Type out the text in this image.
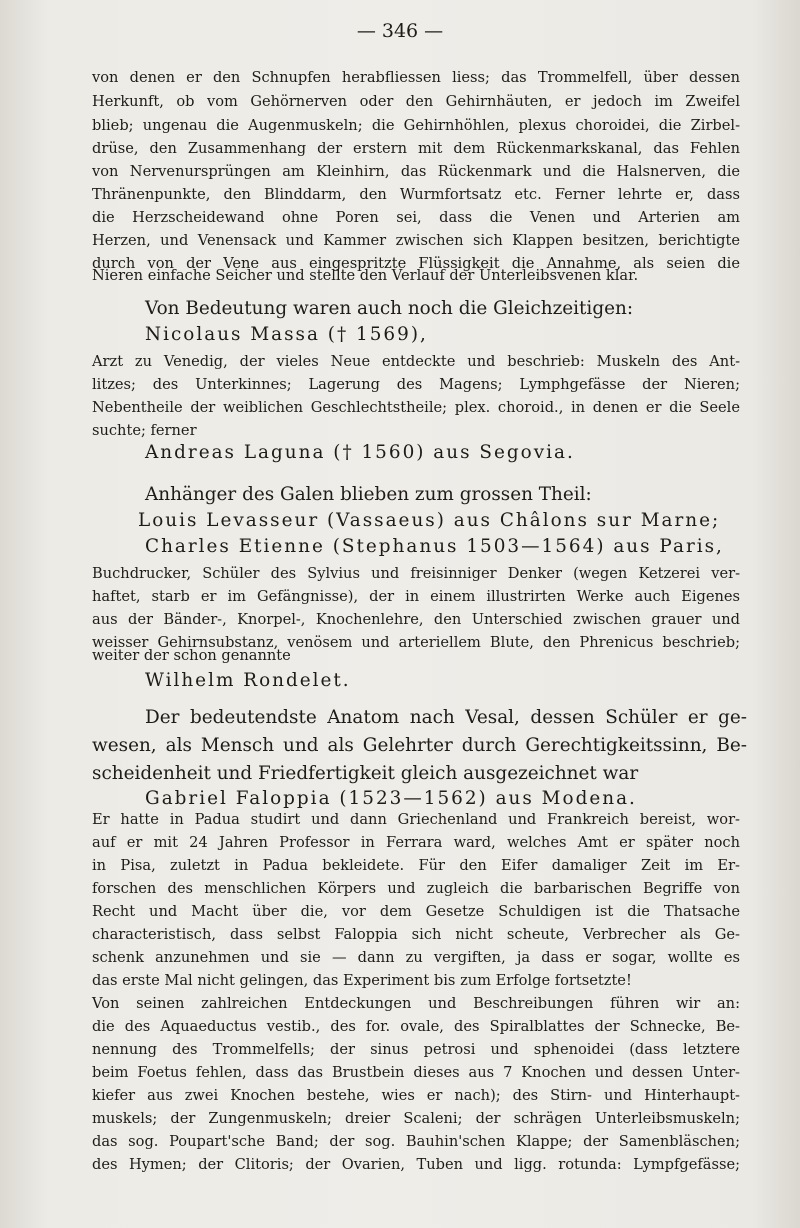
— 346 —
von denen er den Schnupfen herabfliessen liess; das Trommelfell, über dessen
Herkunft, ob vom Gehörnerven oder den Gehirnhäuten, er jedoch im Zweifel
blieb; ungenau die Augenmuskeln; die Gehirnhöhlen, plexus choroidei, die Zirbel-
drüse, den Zusammenhang der erstern mit dem Rückenmarkskanal, das Fehlen
von Nervenursprüngen am Kleinhirn, das Rückenmark und die Halsnerven, die
Thränenpunkte, den Blinddarm, den Wurmfortsatz etc. Ferner lehrte er, dass
die Herzscheidewand ohne Poren sei, dass die Venen und Arterien am
Herzen, und Venensack und Kammer zwischen sich Klappen besitzen, berichtigte
durch von der Vene aus eingespritzte Flüssigkeit die Annahme, als seien die
Nieren einfache Seicher und stellte den Verlauf der Unterleibsvenen klar.
Von Bedeutung waren auch noch die Gleichzeitigen:
Nicolaus Massa († 1569),
Arzt zu Venedig, der vieles Neue entdeckte und beschrieb: Muskeln des Ant-
litzes; des Unterkinnes; Lagerung des Magens; Lymphgefässe der Nieren;
Nebentheile der weiblichen Geschlechtstheile; plex. choroid., in denen er die Seele
suchte; ferner
Andreas Laguna († 1560) aus Segovia.
Anhänger des Galen blieben zum grossen Theil:
Louis Levasseur (Vassaeus) aus Châlons sur Marne;
Charles Etienne (Stephanus 1503—1564) aus Paris,
Buchdrucker, Schüler des Sylvius und freisinniger Denker (wegen Ketzerei ver-
haftet, starb er im Gefängnisse), der in einem illustrirten Werke auch Eigenes
aus der Bänder-, Knorpel-, Knochenlehre, den Unterschied zwischen grauer und
weisser Gehirnsubstanz, venösem und arteriellem Blute, den Phrenicus beschrieb;
weiter der schon genannte
Wilhelm Rondelet.
Der bedeutendste Anatom nach Vesal, dessen Schüler er ge-
wesen, als Mensch und als Gelehrter durch Gerechtigkeitssinn, Be-
scheidenheit und Friedfertigkeit gleich ausgezeichnet war
Gabriel Faloppia (1523—1562) aus Modena.
Er hatte in Padua studirt und dann Griechenland und Frankreich bereist, wor-
auf er mit 24 Jahren Professor in Ferrara ward, welches Amt er später noch
in Pisa, zuletzt in Padua bekleidete. Für den Eifer damaliger Zeit im Er-
forschen des menschlichen Körpers und zugleich die barbarischen Begriffe von
Recht und Macht über die, vor dem Gesetze Schuldigen ist die Thatsache
characteristisch, dass selbst Faloppia sich nicht scheute, Verbrecher als Ge-
schenk anzunehmen und sie — dann zu vergiften, ja dass er sogar, wollte es
das erste Mal nicht gelingen, das Experiment bis zum Erfolge fortsetzte!
Von seinen zahlreichen Entdeckungen und Beschreibungen führen wir an:
die des Aquaeductus vestib., des for. ovale, des Spiralblattes der Schnecke, Be-
nennung des Trommelfells; der sinus petrosi und sphenoidei (dass letztere
beim Foetus fehlen, dass das Brustbein dieses aus 7 Knochen und dessen Unter-
kiefer aus zwei Knochen bestehe, wies er nach); des Stirn- und Hinterhaupt-
muskels; der Zungenmuskeln; dreier Scaleni; der schrägen Unterleibsmuskeln;
das sog. Poupart'sche Band; der sog. Bauhin'schen Klappe; der Samenbläschen;
des Hymen; der Clitoris; der Ovarien, Tuben und ligg. rotunda: Lympfgefässe;
